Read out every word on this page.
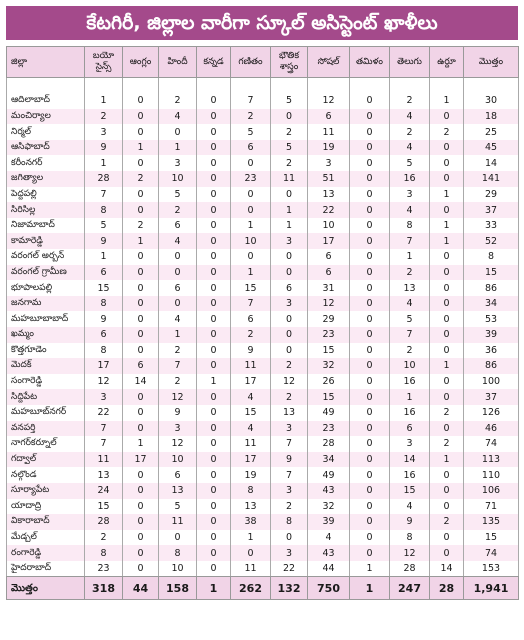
కేటగిరీ, జిల్లాల వారీగా స్కూల్ అసిస్టెంట్ ఖాళీలు
జిల్లా	బయో సైన్స్	ఆంగ్లం	హిందీ	కన్నడ	గణితం	భౌతిక శాస్త్రం	సోషల్	తమిళం	తెలుగు	ఉర్దూ	మొత్తం

ఆదిలాబాద్	1	0	2	0	7	5	12	0	2	1	30
మంచిర్యాల	2	0	4	0	2	0	6	0	4	0	18
నిర్మల్	3	0	0	0	5	2	11	0	2	2	25
ఆసిఫాబాద్	9	1	1	0	6	5	19	0	4	0	45
కరీంనగర్	1	0	3	0	0	2	3	0	5	0	14
జగిత్యాల	28	2	10	0	23	11	51	0	16	0	141
పెద్దపల్లి	7	0	5	0	0	0	13	0	3	1	29
సిరిసిల్ల	8	0	2	0	0	1	22	0	4	0	37
నిజామాబాద్	5	2	6	0	1	1	10	0	8	1	33
కామారెడ్డి	9	1	4	0	10	3	17	0	7	1	52
వరంగల్ అర్బన్	1	0	0	0	0	0	6	0	1	0	8
వరంగల్ గ్రామీణ	6	0	0	0	1	0	6	0	2	0	15
భూపాలపల్లి	15	0	6	0	15	6	31	0	13	0	86
జనగామ	8	0	0	0	7	3	12	0	4	0	34
మహబూబాబాద్	9	0	4	0	6	0	29	0	5	0	53
ఖమ్మం	6	0	1	0	2	0	23	0	7	0	39
కొత్తగూడెం	8	0	2	0	9	0	15	0	2	0	36
మెదక్	17	6	7	0	11	2	32	0	10	1	86
సంగారెడ్డి	12	14	2	1	17	12	26	0	16	0	100
సిద్దిపేట	3	0	12	0	4	2	15	0	1	0	37
మహబూబ్‌నగర్	22	0	9	0	15	13	49	0	16	2	126
వనపర్తి	7	0	3	0	4	3	23	0	6	0	46
నాగర్‌కర్నూల్	7	1	12	0	11	7	28	0	3	2	74
గద్వాల్	11	17	10	0	17	9	34	0	14	1	113
నల్గొండ	13	0	6	0	19	7	49	0	16	0	110
సూర్యాపేట	24	0	13	0	8	3	43	0	15	0	106
యాదాద్రి	15	0	5	0	13	2	32	0	4	0	71
వికారాబాద్	28	0	11	0	38	8	39	0	9	2	135
మేడ్చల్	2	0	0	0	1	0	4	0	8	0	15
రంగారెడ్డి	8	0	8	0	0	3	43	0	12	0	74
హైదరాబాద్	23	0	10	0	11	22	44	1	28	14	153
మొత్తం	318	44	158	1	262	132	750	1	247	28	1,941
